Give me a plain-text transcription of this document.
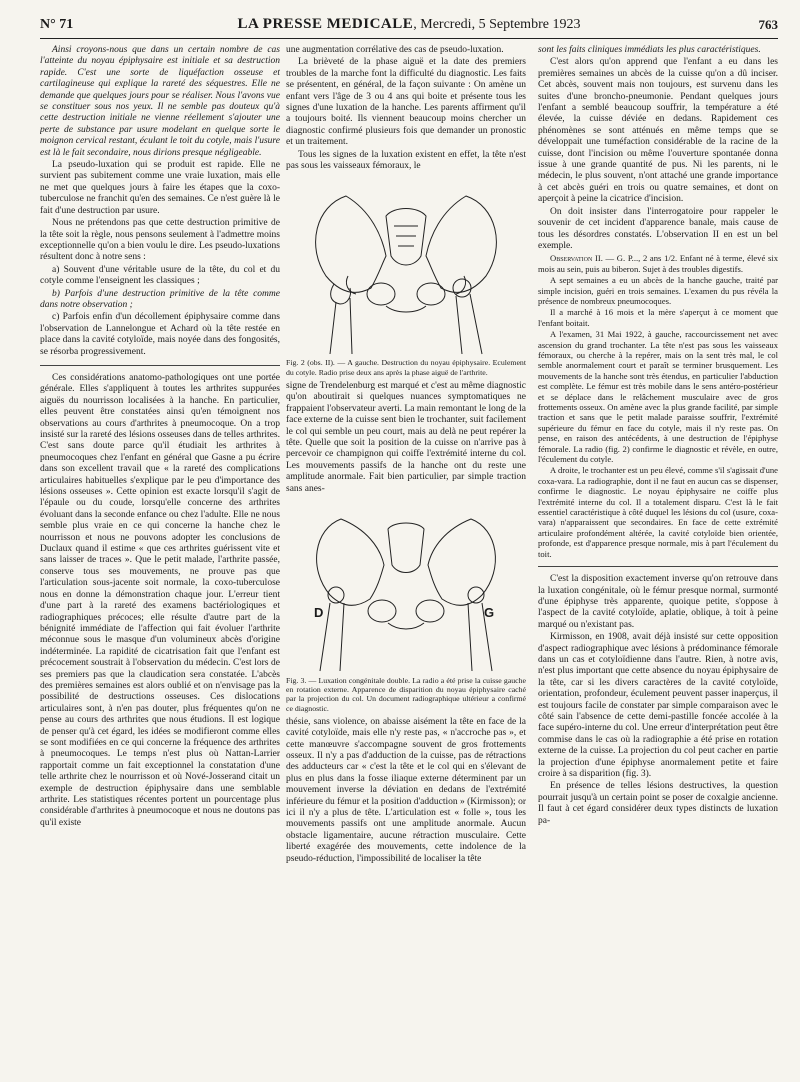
N° 71	LA PRESSE MEDICALE, Mercredi, 5 Septembre 1923	763

Ainsi croyons-nous que dans un certain nombre de cas l'atteinte du noyau épiphysaire est initiale et sa destruction rapide. C'est une sorte de liquéfaction osseuse et cartilagineuse qui explique la rareté des séquestres. Elle ne demande que quelques jours pour se réaliser. Nous l'avons vue se constituer sous nos yeux. Il ne semble pas douteux qu'à cette destruction initiale ne vienne réellement s'ajouter une perte de substance par usure modelant en quelque sorte le moignon cervical restant, éculant le toit du cotyle, mais l'usure est là le fait secondaire, nous dirions presque négligeable.

La pseudo-luxation qui se produit est rapide. Elle ne survient pas subitement comme une vraie luxation, mais elle ne met que quelques jours à faire les étapes que la coxo-tuberculose ne franchit qu'en des semaines. Ce n'est guère là le fait d'une destruction par usure.

Nous ne prétendons pas que cette destruction primitive de la tête soit la règle, nous pensons seulement à l'admettre moins exceptionnelle qu'on a bien voulu le dire. Les pseudo-luxations résultent donc à notre sens :

a) Souvent d'une véritable usure de la tête, du col et du cotyle comme l'enseignent les classiques ;

b) Parfois d'une destruction primitive de la tête comme dans notre observation ;

c) Parfois enfin d'un décollement épiphysaire comme dans l'observation de Lannelongue et Achard où la tête restée en place dans la cavité cotyloïde, mais noyée dans des fongosités, se résorba progressivement.

Ces considérations anatomo-pathologiques ont une portée générale. Elles s'appliquent à toutes les arthrites suppurées aiguës du nourrisson localisées à la hanche. En particulier, elles peuvent être constatées ainsi qu'en témoignent nos observations au cours d'arthrites à pneumocoque. On a trop insisté sur la rareté des lésions osseuses dans de telles arthrites. C'est sans doute parce qu'il étudiait les arthrites à pneumocoques chez l'enfant en général que Gasne a pu écrire dans son excellent travail que « la rareté des complications articulaires habituelles s'explique par le peu d'importance des lésions osseuses ». Cette opinion est exacte lorsqu'il s'agit de l'épaule ou du coude, lorsqu'elle concerne des arthrites évoluant dans la seconde enfance ou chez l'adulte. Elle ne nous semble plus vraie en ce qui concerne la hanche chez le nourrisson et nous ne pouvons adopter les conclusions de Duclaux quand il estime « que ces arthrites guérissent vite et sans laisser de traces ». Que le petit malade, l'arthrite passée, conserve tous ses mouvements, ne prouve pas que l'articulation sous-jacente soit normale, la coxo-tuberculose nous en donne la démonstration chaque jour. L'erreur tient d'une part à la rareté des examens bactériologiques et radiographiques précoces; elle résulte d'autre part de la bénignité immédiate de l'affection qui fait évoluer l'arthrite méconnue sous le masque d'un volumineux abcès d'origine indéterminée. La rapidité de cicatrisation fait que l'enfant est précocement soustrait à l'observation du médecin. C'est lors de ses premiers pas que la claudication sera constatée. L'abcès des premières semaines est alors oublié et on n'envisage pas la possibilité de destructions osseuses. Ces dislocations articulaires sont, à n'en pas douter, plus fréquentes qu'on ne pense au cours des arthrites que nous étudions. Il est logique de penser qu'à cet égard, les idées se modifieront comme elles se sont modifiées en ce qui concerne la fréquence des arthrites à pneumocoques. Le temps n'est plus où Nattan-Larrier rapportait comme un fait exceptionnel la constatation d'une telle arthrite chez le nourrisson et où Nové-Josserand citait un exemple de destruction épiphysaire dans une semblable arthrite. Les statistiques récentes portent un pourcentage plus considérable d'arthrites à pneumocoque et nous ne doutons pas qu'il existe

une augmentation corrélative des cas de pseudo-luxation.

La brièveté de la phase aiguë et la date des premiers troubles de la marche font la difficulté du diagnostic. Les faits se présentent, en général, de la façon suivante : On amène un enfant vers l'âge de 3 ou 4 ans qui boite et présente tous les signes d'une luxation de la hanche. Les parents affirment qu'il a toujours boité. Ils viennent beaucoup moins chercher un diagnostic confirmé plusieurs fois que demander un pronostic et un traitement.

Tous les signes de la luxation existent en effet, la tête n'est pas sous les vaisseaux fémoraux, le

Fig. 2 (obs. II). — A gauche. Destruction du noyau épiphysaire. Eculement du cotyle. Radio prise deux ans après la phase aiguë de l'arthrite.

signe de Trendelenburg est marqué et c'est au même diagnostic qu'on aboutirait si quelques nuances symptomatiques ne frappaient l'observateur averti. La main remontant le long de la face externe de la cuisse sent bien le trochanter, suit facilement le col qui semble un peu court, mais au delà ne peut repérer la tête. Quelle que soit la position de la cuisse on n'arrive pas à percevoir ce champignon qui coiffe l'extrémité interne du col. Les mouvements passifs de la hanche ont du reste une amplitude anormale. Fait bien particulier, par simple traction sans anes-

D	G
Fig. 3. — Luxation congénitale double. La radio a été prise la cuisse gauche en rotation externe. Apparence de disparition du noyau épiphysaire caché par la projection du col. Un document radiographique ultérieur a confirmé ce diagnostic.

thésie, sans violence, on abaisse aisément la tête en face de la cavité cotyloïde, mais elle n'y reste pas, « n'accroche pas », et cette manœuvre s'accompagne souvent de gros frottements osseux. Il n'y a pas d'adduction de la cuisse, pas de rétractions des adducteurs car « c'est la tête et le col qui en s'élevant de plus en plus dans la fosse iliaque externe déterminent par un mouvement inverse la déviation en dedans de l'extrémité inférieure du fémur et la position d'adduction » (Kirmisson); or ici il n'y a plus de tête. L'articulation est « folle », tous les mouvements passifs ont une amplitude anormale. Aucun obstacle ligamentaire, aucune rétraction musculaire. Cette liberté exagérée des mouvements, cette indolence de la pseudo-réduction, l'impossibilité de localiser la tête

sont les faits cliniques immédiats les plus caractéristiques.

C'est alors qu'on apprend que l'enfant a eu dans les premières semaines un abcès de la cuisse qu'on a dû inciser. Cet abcès, souvent mais non toujours, est survenu dans les suites d'une broncho-pneumonie. Pendant quelques jours l'enfant a semblé beaucoup souffrir, la température a été élevée, la cuisse déviée en dedans. Rapidement ces phénomènes se sont atténués en même temps que se développait une tuméfaction considérable de la racine de la cuisse, dont l'incision ou même l'ouverture spontanée donna issue à une grande quantité de pus. Ni les parents, ni le médecin, le plus souvent, n'ont attaché une grande importance à cet abcès guéri en trois ou quatre semaines, et dont on aperçoit à peine la cicatrice d'incision.

On doit insister dans l'interrogatoire pour rappeler le souvenir de cet incident d'apparence banale, mais cause de tous les désordres constatés. L'observation II en est un bel exemple.

Observation II. — G. P..., 2 ans 1/2. Enfant né à terme, élevé six mois au sein, puis au biberon. Sujet à des troubles digestifs.

A sept semaines a eu un abcès de la hanche gauche, traité par simple incision, guéri en trois semaines. L'examen du pus révéla la présence de nombreux pneumocoques.

Il a marché à 16 mois et la mère s'aperçut à ce moment que l'enfant boitait.

A l'examen, 31 Mai 1922, à gauche, raccourcissement net avec ascension du grand trochanter. La tête n'est pas sous les vaisseaux fémoraux, ou cherche à la repérer, mais on la sent très mal, le col semble anormalement court et paraît se terminer brusquement. Les mouvements de la hanche sont très étendus, en particulier l'abduction est complète. Le fémur est très mobile dans le sens antéro-postérieur et se déplace dans le relâchement musculaire avec de gros frottements osseux. On amène avec la plus grande facilité, par simple traction et sans que le petit malade paraisse souffrir, l'extrémité supérieure du fémur en face du cotyle, mais il n'y reste pas. On pense, en raison des antécédents, à une destruction de l'épiphyse fémorale. La radio (fig. 2) confirme le diagnostic et révèle, en outre, l'éculement du cotyle.

A droite, le trochanter est un peu élevé, comme s'il s'agissait d'une coxa-vara. La radiographie, dont il ne faut en aucun cas se dispenser, confirme le diagnostic. Le noyau épiphysaire ne coiffe plus l'extrémité interne du col. Il a totalement disparu. C'est là le fait essentiel caractéristique à côté duquel les lésions du col (usure, coxa-vara) n'apparaissent que secondaires. En face de cette extrémité articulaire profondément altérée, la cavité cotyloïde bien orientée, profonde, est d'apparence presque normale, mis à part l'éculement du toit.

C'est la disposition exactement inverse qu'on retrouve dans la luxation congénitale, où le fémur presque normal, surmonté d'une épiphyse très apparente, quoique petite, s'oppose à l'aspect de la cavité cotyloïde, aplatie, oblique, à toit à peine marqué ou n'existant pas.

Kirmisson, en 1908, avait déjà insisté sur cette opposition d'aspect radiographique avec lésions à prédominance fémorale dans un cas et cotyloïdienne dans l'autre. Rien, à notre avis, n'est plus important que cette absence du noyau épiphysaire de la tête, car si les divers caractères de la cavité cotyloïde, orientation, profondeur, éculement peuvent passer inaperçus, il est toujours facile de constater par simple comparaison avec le côté sain l'absence de cette demi-pastille foncée accolée à la face supéro-interne du col. Une erreur d'interprétation peut être commise dans le cas où la radiographie a été prise en rotation externe de la cuisse. La projection du col peut cacher en partie la projection d'une épiphyse anormalement petite et faire croire à sa disparition (fig. 3).

En présence de telles lésions destructives, la question pourrait jusqu'à un certain point se poser de coxalgie ancienne. Il faut à cet égard considérer deux types distincts de luxation pa-
